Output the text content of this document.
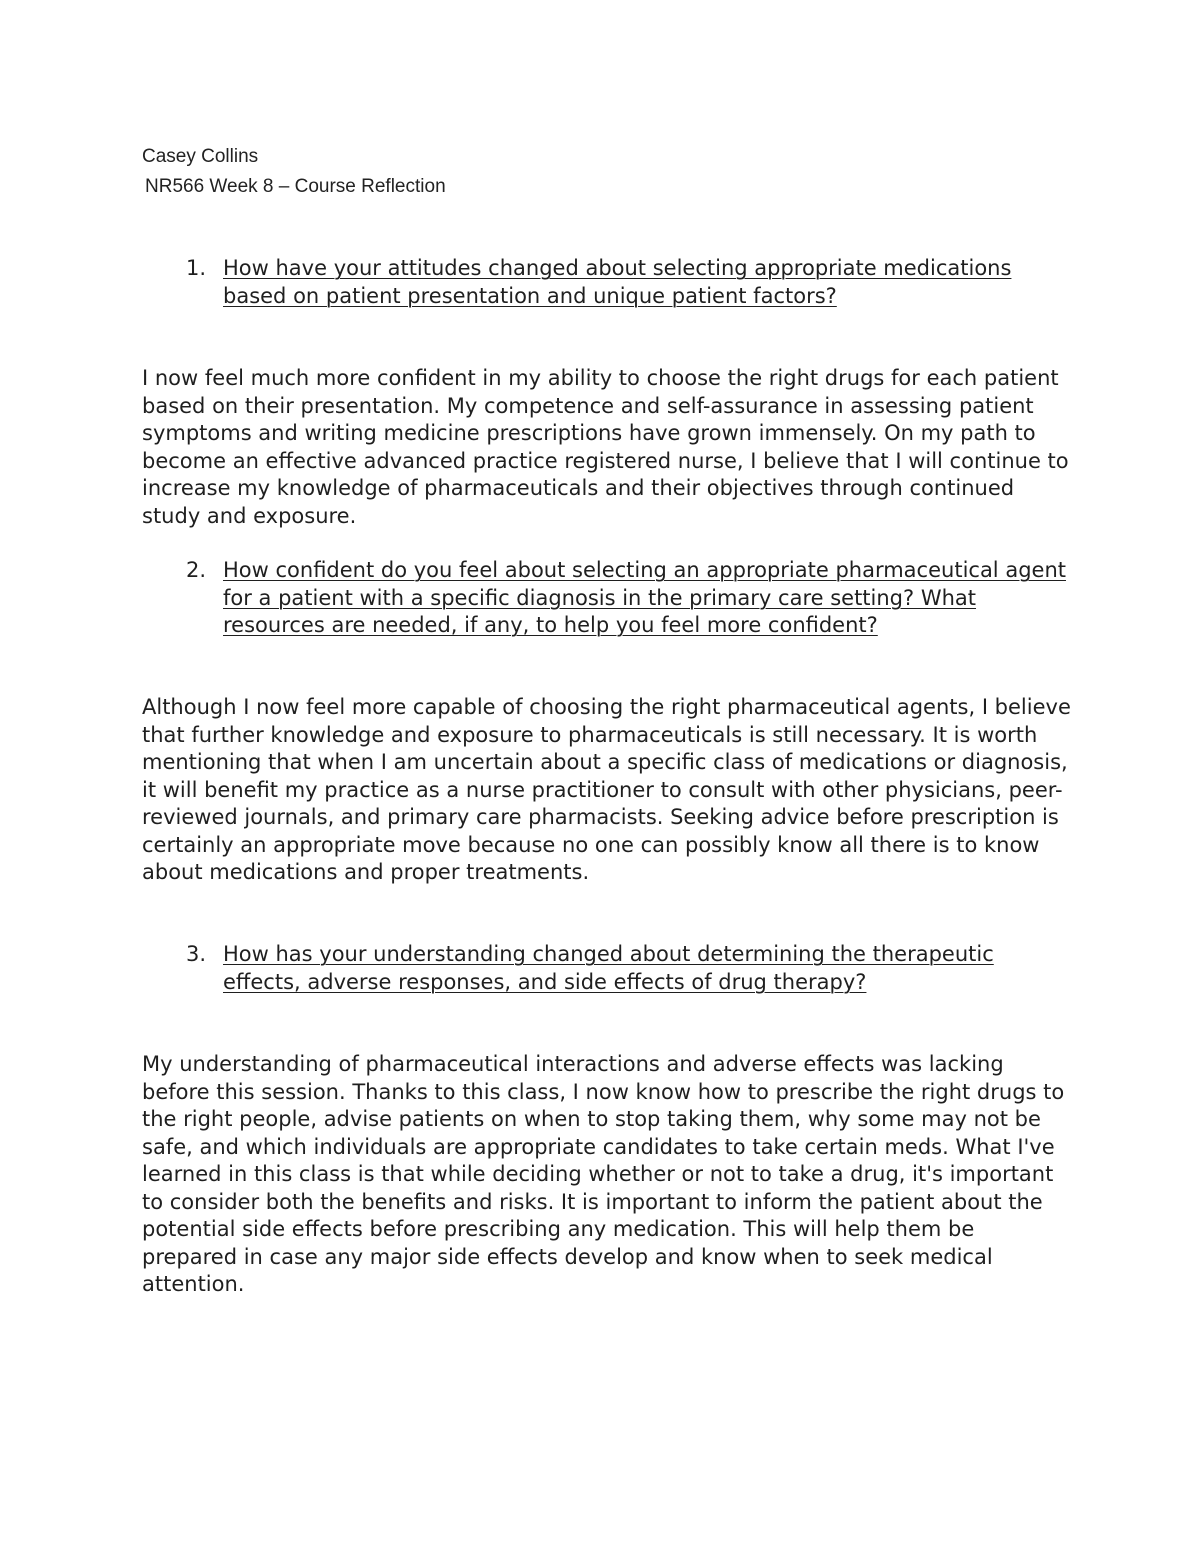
Casey Collins
NR566 Week 8 – Course Reflection
1. How have your attitudes changed about selecting appropriate medications based on patient presentation and unique patient factors?

I now feel much more confident in my ability to choose the right drugs for each patient based on their presentation. My competence and self-assurance in assessing patient symptoms and writing medicine prescriptions have grown immensely. On my path to become an effective advanced practice registered nurse, I believe that I will continue to increase my knowledge of pharmaceuticals and their objectives through continued study and exposure.

2. How confident do you feel about selecting an appropriate pharmaceutical agent for a patient with a specific diagnosis in the primary care setting? What resources are needed, if any, to help you feel more confident?

Although I now feel more capable of choosing the right pharmaceutical agents, I believe that further knowledge and exposure to pharmaceuticals is still necessary. It is worth mentioning that when I am uncertain about a specific class of medications or diagnosis, it will benefit my practice as a nurse practitioner to consult with other physicians, peer-reviewed journals, and primary care pharmacists. Seeking advice before prescription is certainly an appropriate move because no one can possibly know all there is to know about medications and proper treatments.

3. How has your understanding changed about determining the therapeutic effects, adverse responses, and side effects of drug therapy?

My understanding of pharmaceutical interactions and adverse effects was lacking before this session. Thanks to this class, I now know how to prescribe the right drugs to the right people, advise patients on when to stop taking them, why some may not be safe, and which individuals are appropriate candidates to take certain meds. What I've learned in this class is that while deciding whether or not to take a drug, it's important to consider both the benefits and risks. It is important to inform the patient about the potential side effects before prescribing any medication. This will help them be prepared in case any major side effects develop and know when to seek medical attention.
